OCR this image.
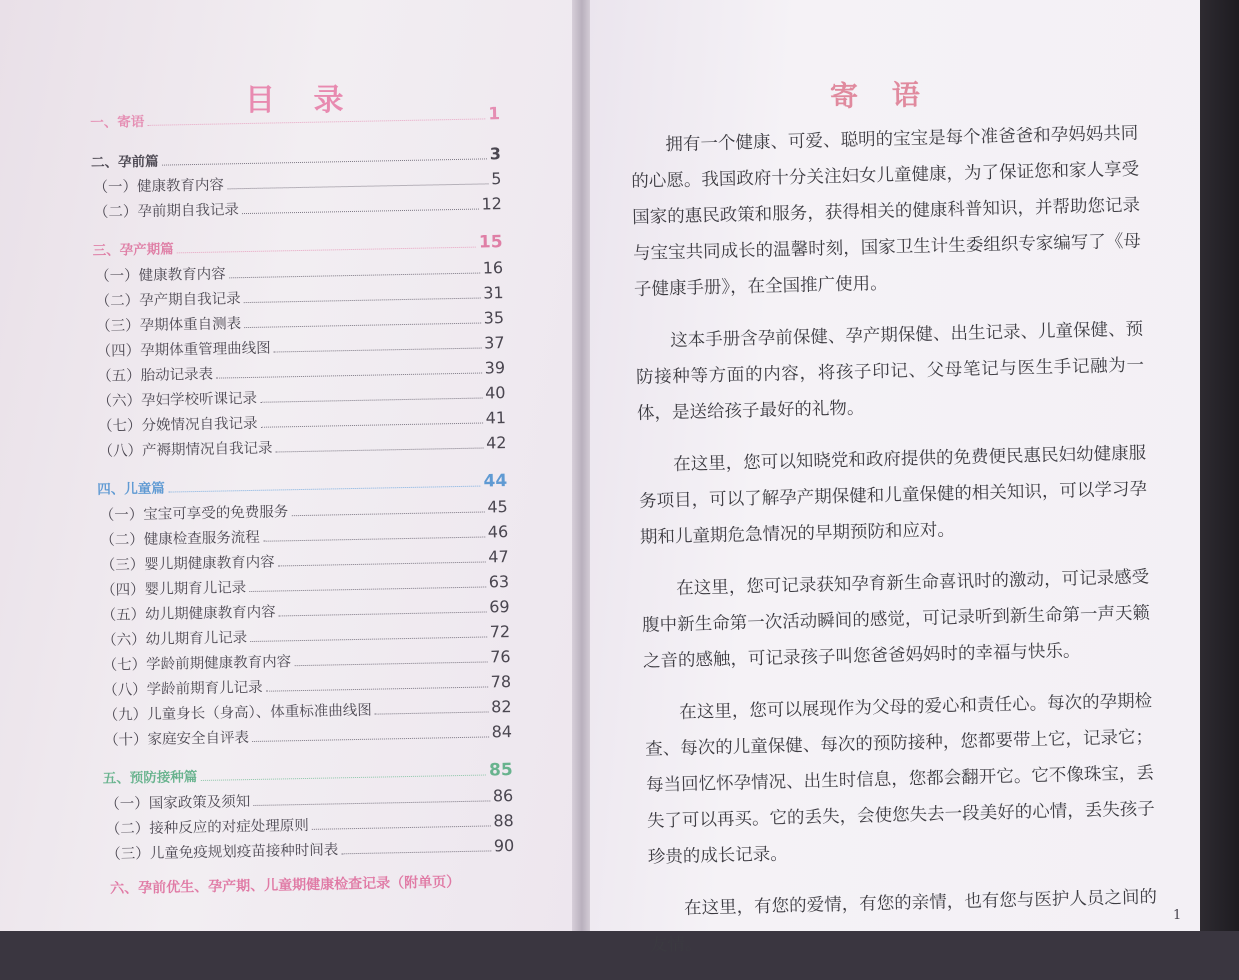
目 录
一、寄语	1
二、孕前篇	3
（一）健康教育内容	5
（二）孕前期自我记录	12
三、孕产期篇	15
（一）健康教育内容	16
（二）孕产期自我记录	31
（三）孕期体重自测表	35
（四）孕期体重管理曲线图	37
（五）胎动记录表	39
（六）孕妇学校听课记录	40
（七）分娩情况自我记录	41
（八）产褥期情况自我记录	42
四、儿童篇	44
（一）宝宝可享受的免费服务	45
（二）健康检查服务流程	46
（三）婴儿期健康教育内容	47
（四）婴儿期育儿记录	63
（五）幼儿期健康教育内容	69
（六）幼儿期育儿记录	72
（七）学龄前期健康教育内容	76
（八）学龄前期育儿记录	78
（九）儿童身长（身高）、体重标准曲线图	82
（十）家庭安全自评表	84
五、预防接种篇	85
（一）国家政策及须知	86
（二）接种反应的对症处理原则	88
（三）儿童免疫规划疫苗接种时间表	90
六、孕前优生、孕产期、儿童期健康检查记录（附单页）
寄 语

拥有一个健康、可爱、聪明的宝宝是每个准爸爸和孕妈妈共同的心愿。我国政府十分关注妇女儿童健康，为了保证您和家人享受国家的惠民政策和服务，获得相关的健康科普知识，并帮助您记录与宝宝共同成长的温馨时刻，国家卫生计生委组织专家编写了《母子健康手册》，在全国推广使用。

这本手册含孕前保健、孕产期保健、出生记录、儿童保健、预防接种等方面的内容，将孩子印记、父母笔记与医生手记融为一体，是送给孩子最好的礼物。

在这里，您可以知晓党和政府提供的免费便民惠民妇幼健康服务项目，可以了解孕产期保健和儿童保健的相关知识，可以学习孕期和儿童期危急情况的早期预防和应对。

在这里，您可记录获知孕育新生命喜讯时的激动，可记录感受腹中新生命第一次活动瞬间的感觉，可记录听到新生命第一声天籁之音的感触，可记录孩子叫您爸爸妈妈时的幸福与快乐。

在这里，您可以展现作为父母的爱心和责任心。每次的孕期检查、每次的儿童保健、每次的预防接种，您都要带上它，记录它；每当回忆怀孕情况、出生时信息，您都会翻开它。它不像珠宝，丢失了可以再买。它的丢失，会使您失去一段美好的心情，丢失孩子珍贵的成长记录。

在这里，有您的爱情，有您的亲情，也有您与医护人员之间的友情。

1
